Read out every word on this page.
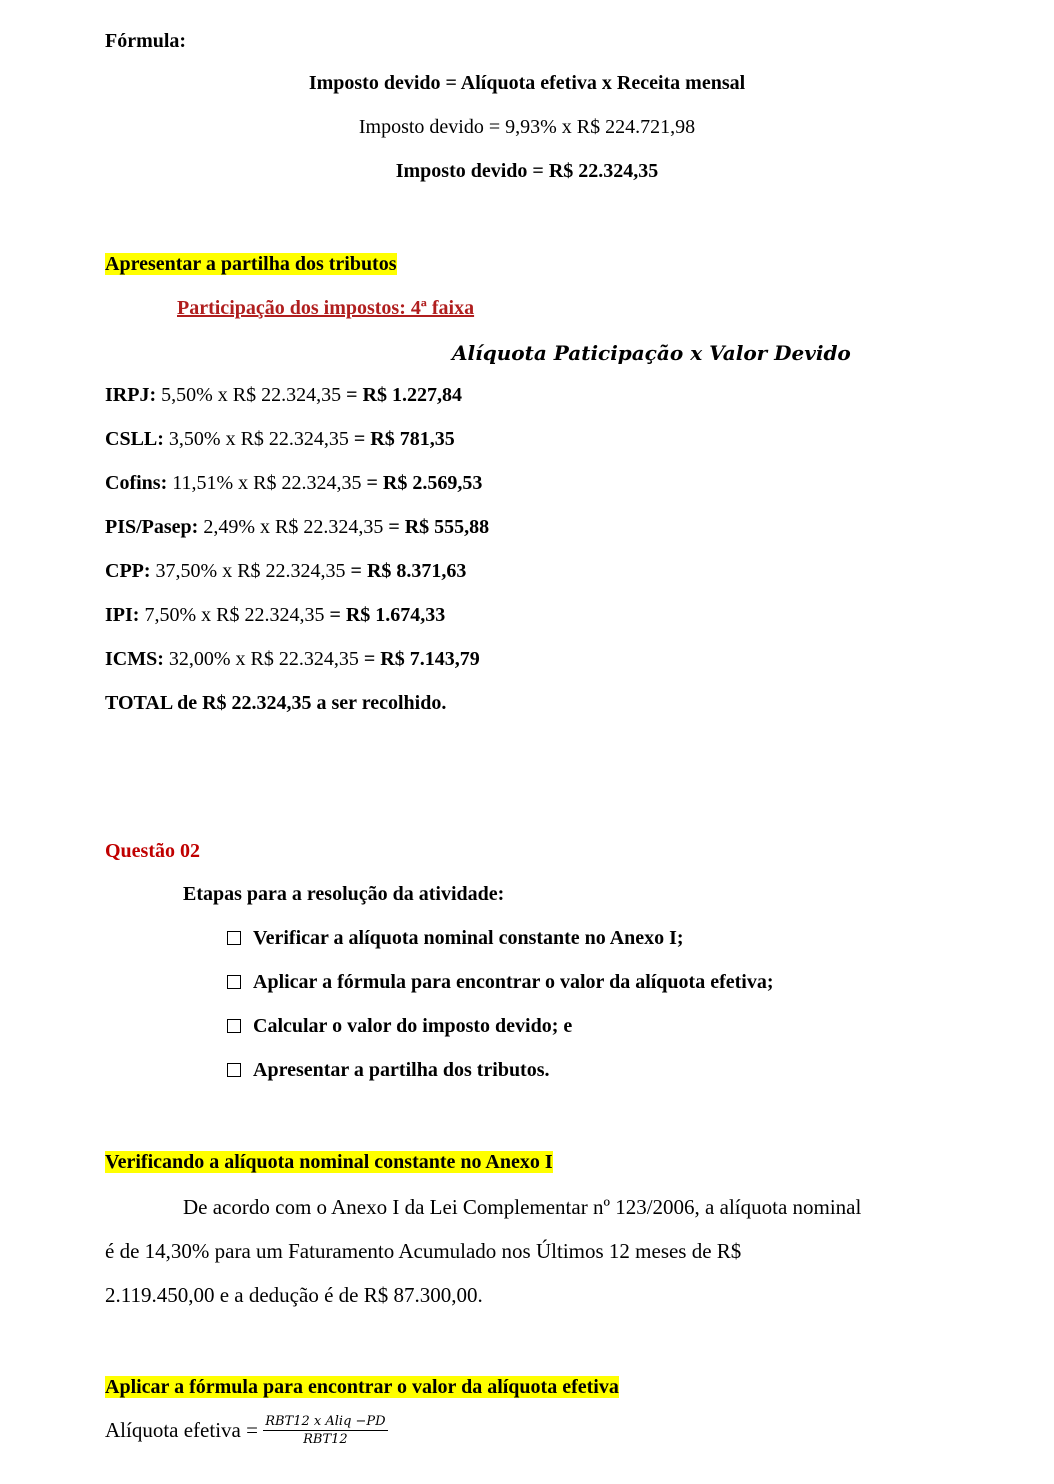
Fórmula:
Imposto devido = Alíquota efetiva x Receita mensal
Imposto devido = 9,93% x R$ 224.721,98
Imposto devido = R$ 22.324,35
Apresentar a partilha dos tributos
Participação dos impostos: 4ª faixa
Alíquota Paticipação x Valor Devido
IRPJ: 5,50% x R$ 22.324,35 = R$ 1.227,84
CSLL: 3,50% x R$ 22.324,35 = R$ 781,35
Cofins: 11,51% x R$ 22.324,35 = R$ 2.569,53
PIS/Pasep: 2,49% x R$ 22.324,35 = R$ 555,88
CPP: 37,50% x R$ 22.324,35 = R$ 8.371,63
IPI: 7,50% x R$ 22.324,35 = R$ 1.674,33
ICMS: 32,00% x R$ 22.324,35 = R$ 7.143,79
TOTAL de R$ 22.324,35 a ser recolhido.
Questão 02
Etapas para a resolução da atividade:
Verificar a alíquota nominal constante no Anexo I;
Aplicar a fórmula para encontrar o valor da alíquota efetiva;
Calcular o valor do imposto devido; e
Apresentar a partilha dos tributos.
Verificando a alíquota nominal constante no Anexo I
De acordo com o Anexo I da Lei Complementar nº 123/2006, a alíquota nominal
é de 14,30% para um Faturamento Acumulado nos Últimos 12 meses de R$
2.119.450,00 e a dedução é de R$ 87.300,00.
Aplicar a fórmula para encontrar o valor da alíquota efetiva
Alíquota efetiva = $\frac{\text{RBT12 x Aliq −PD}}{\text{RBT12}}$
